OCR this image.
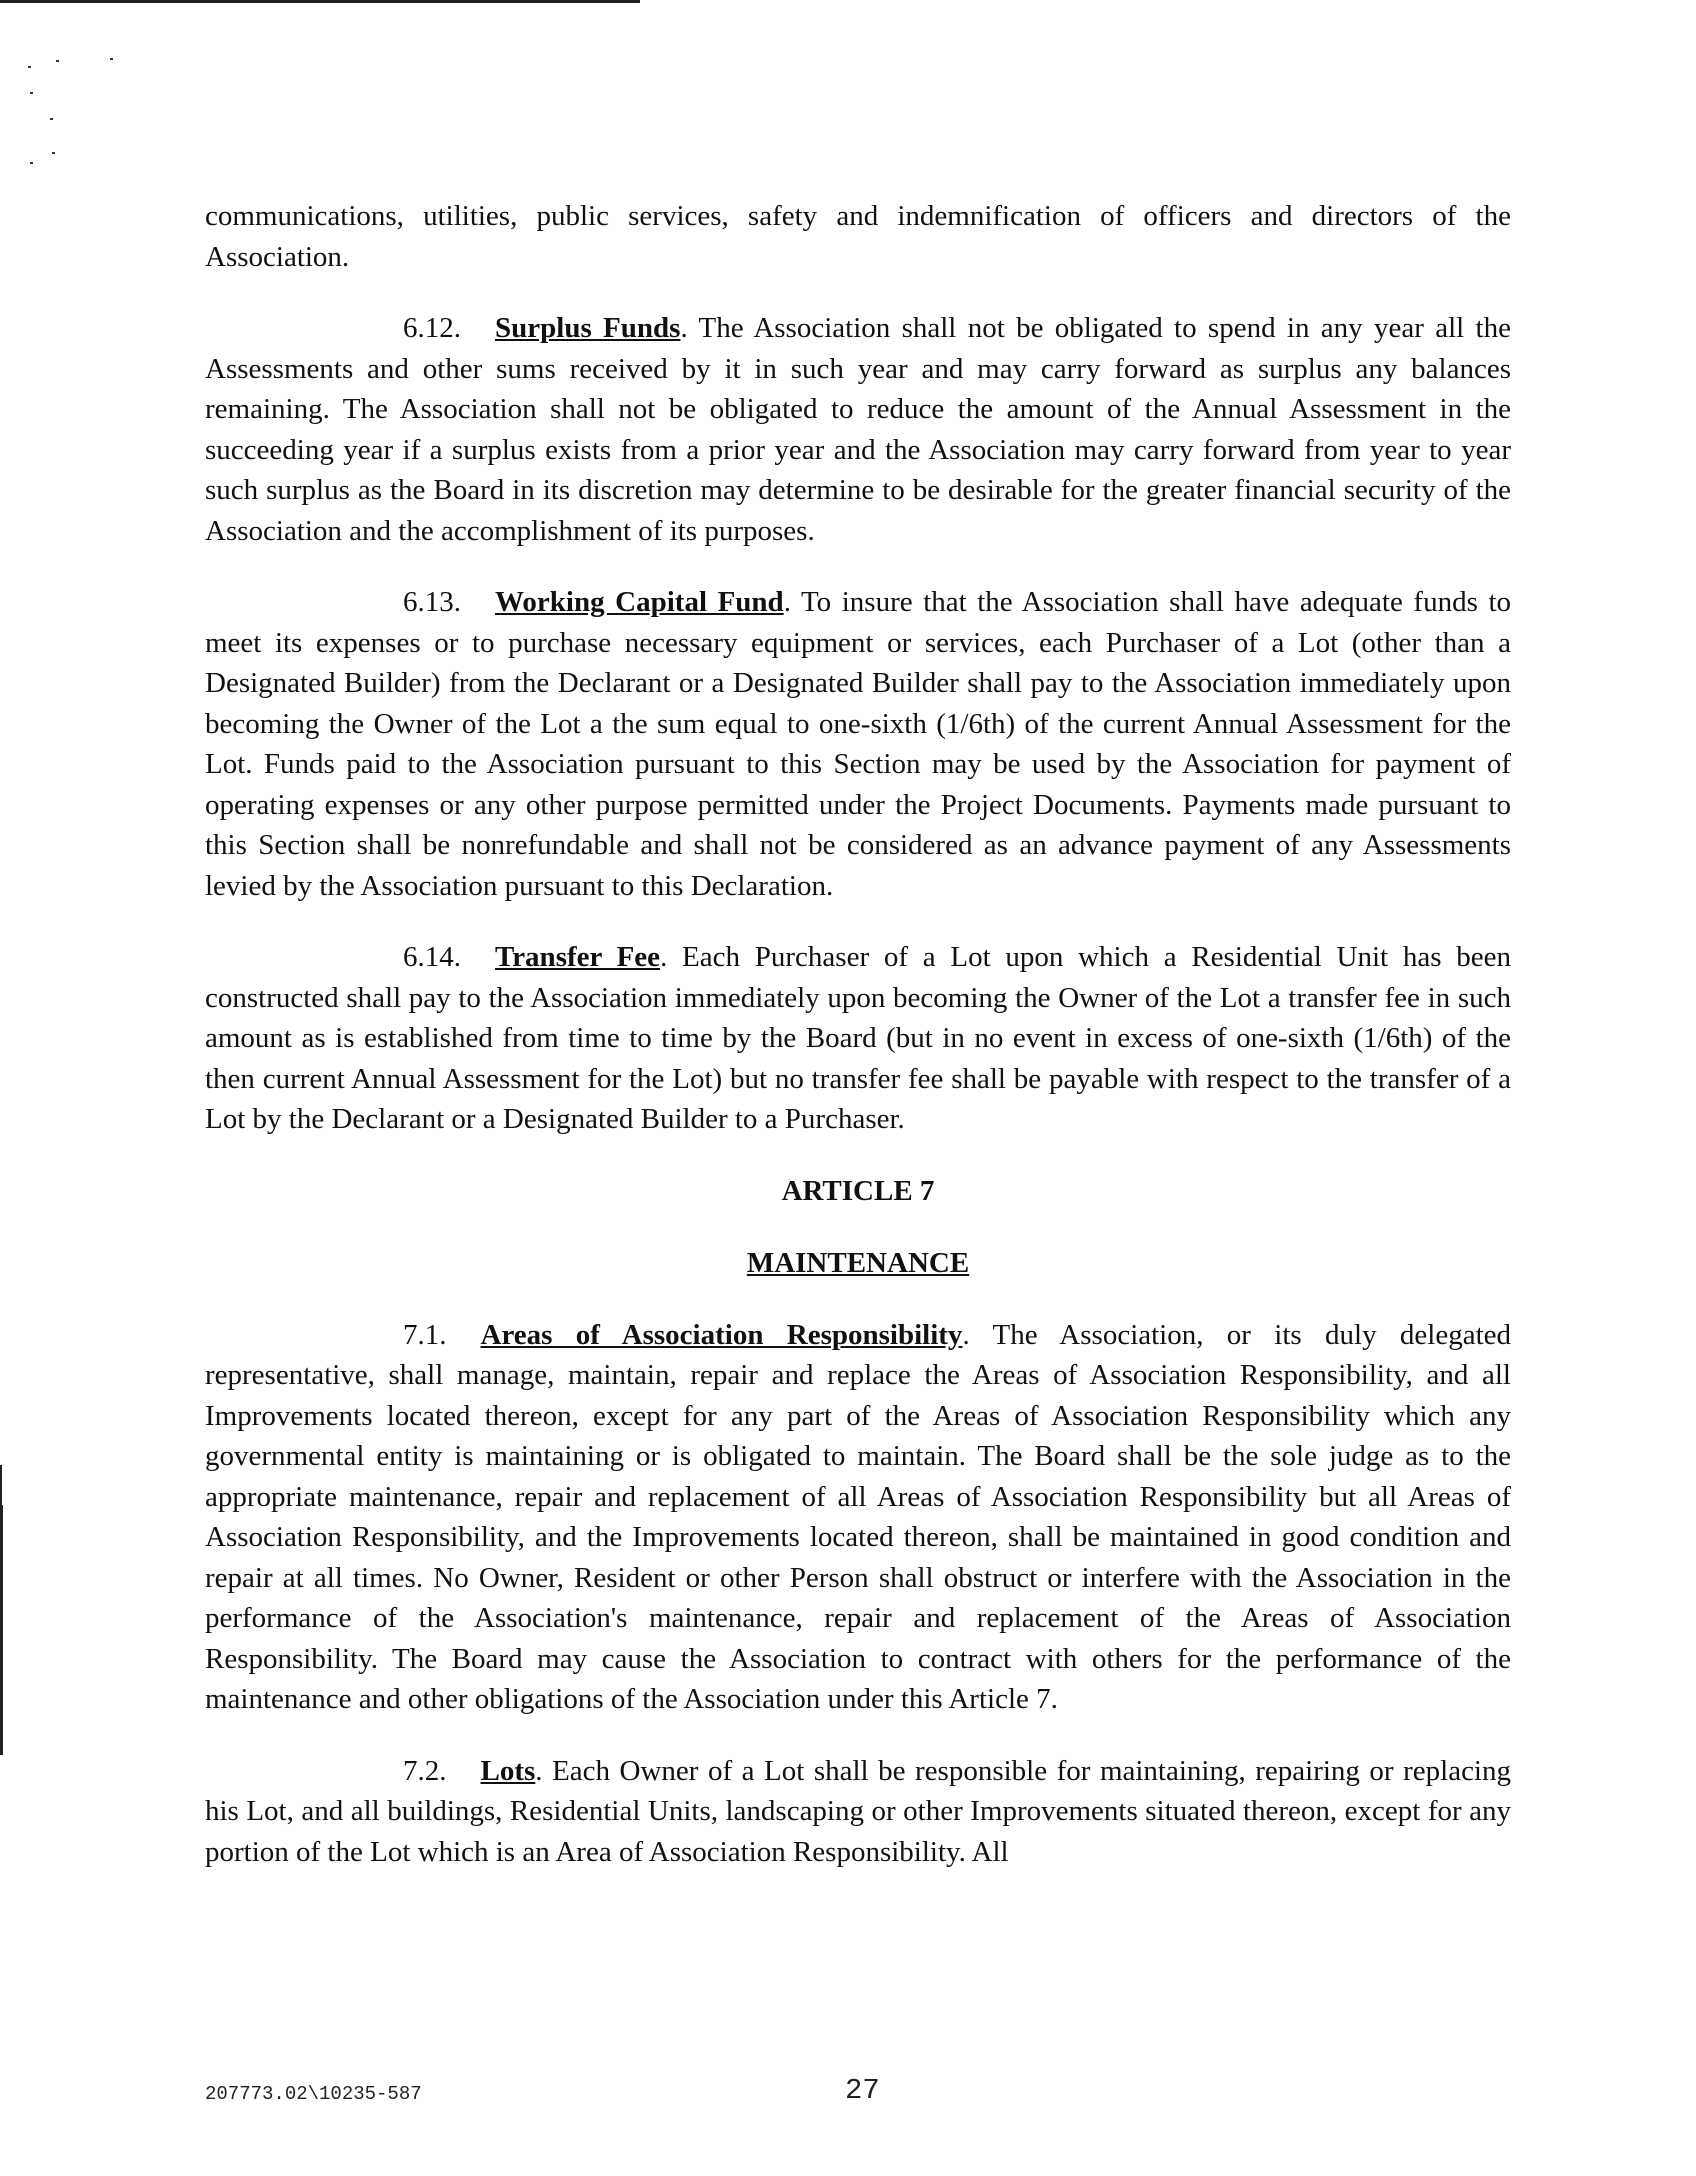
communications, utilities, public services, safety and indemnification of officers and directors of the Association.

6.12. Surplus Funds. The Association shall not be obligated to spend in any year all the Assessments and other sums received by it in such year and may carry forward as surplus any balances remaining. The Association shall not be obligated to reduce the amount of the Annual Assessment in the succeeding year if a surplus exists from a prior year and the Association may carry forward from year to year such surplus as the Board in its discretion may determine to be desirable for the greater financial security of the Association and the accomplishment of its purposes.

6.13. Working Capital Fund. To insure that the Association shall have adequate funds to meet its expenses or to purchase necessary equipment or services, each Purchaser of a Lot (other than a Designated Builder) from the Declarant or a Designated Builder shall pay to the Association immediately upon becoming the Owner of the Lot a the sum equal to one-sixth (1/6th) of the current Annual Assessment for the Lot. Funds paid to the Association pursuant to this Section may be used by the Association for payment of operating expenses or any other purpose permitted under the Project Documents. Payments made pursuant to this Section shall be nonrefundable and shall not be considered as an advance payment of any Assessments levied by the Association pursuant to this Declaration.

6.14. Transfer Fee. Each Purchaser of a Lot upon which a Residential Unit has been constructed shall pay to the Association immediately upon becoming the Owner of the Lot a transfer fee in such amount as is established from time to time by the Board (but in no event in excess of one-sixth (1/6th) of the then current Annual Assessment for the Lot) but no transfer fee shall be payable with respect to the transfer of a Lot by the Declarant or a Designated Builder to a Purchaser.

ARTICLE 7

MAINTENANCE

7.1. Areas of Association Responsibility. The Association, or its duly delegated representative, shall manage, maintain, repair and replace the Areas of Association Responsibility, and all Improvements located thereon, except for any part of the Areas of Association Responsibility which any governmental entity is maintaining or is obligated to maintain. The Board shall be the sole judge as to the appropriate maintenance, repair and replacement of all Areas of Association Responsibility but all Areas of Association Responsibility, and the Improvements located thereon, shall be maintained in good condition and repair at all times. No Owner, Resident or other Person shall obstruct or interfere with the Association in the performance of the Association's maintenance, repair and replacement of the Areas of Association Responsibility. The Board may cause the Association to contract with others for the performance of the maintenance and other obligations of the Association under this Article 7.

7.2. Lots. Each Owner of a Lot shall be responsible for maintaining, repairing or replacing his Lot, and all buildings, Residential Units, landscaping or other Improvements situated thereon, except for any portion of the Lot which is an Area of Association Responsibility. All

207773.02\10235-587	27
